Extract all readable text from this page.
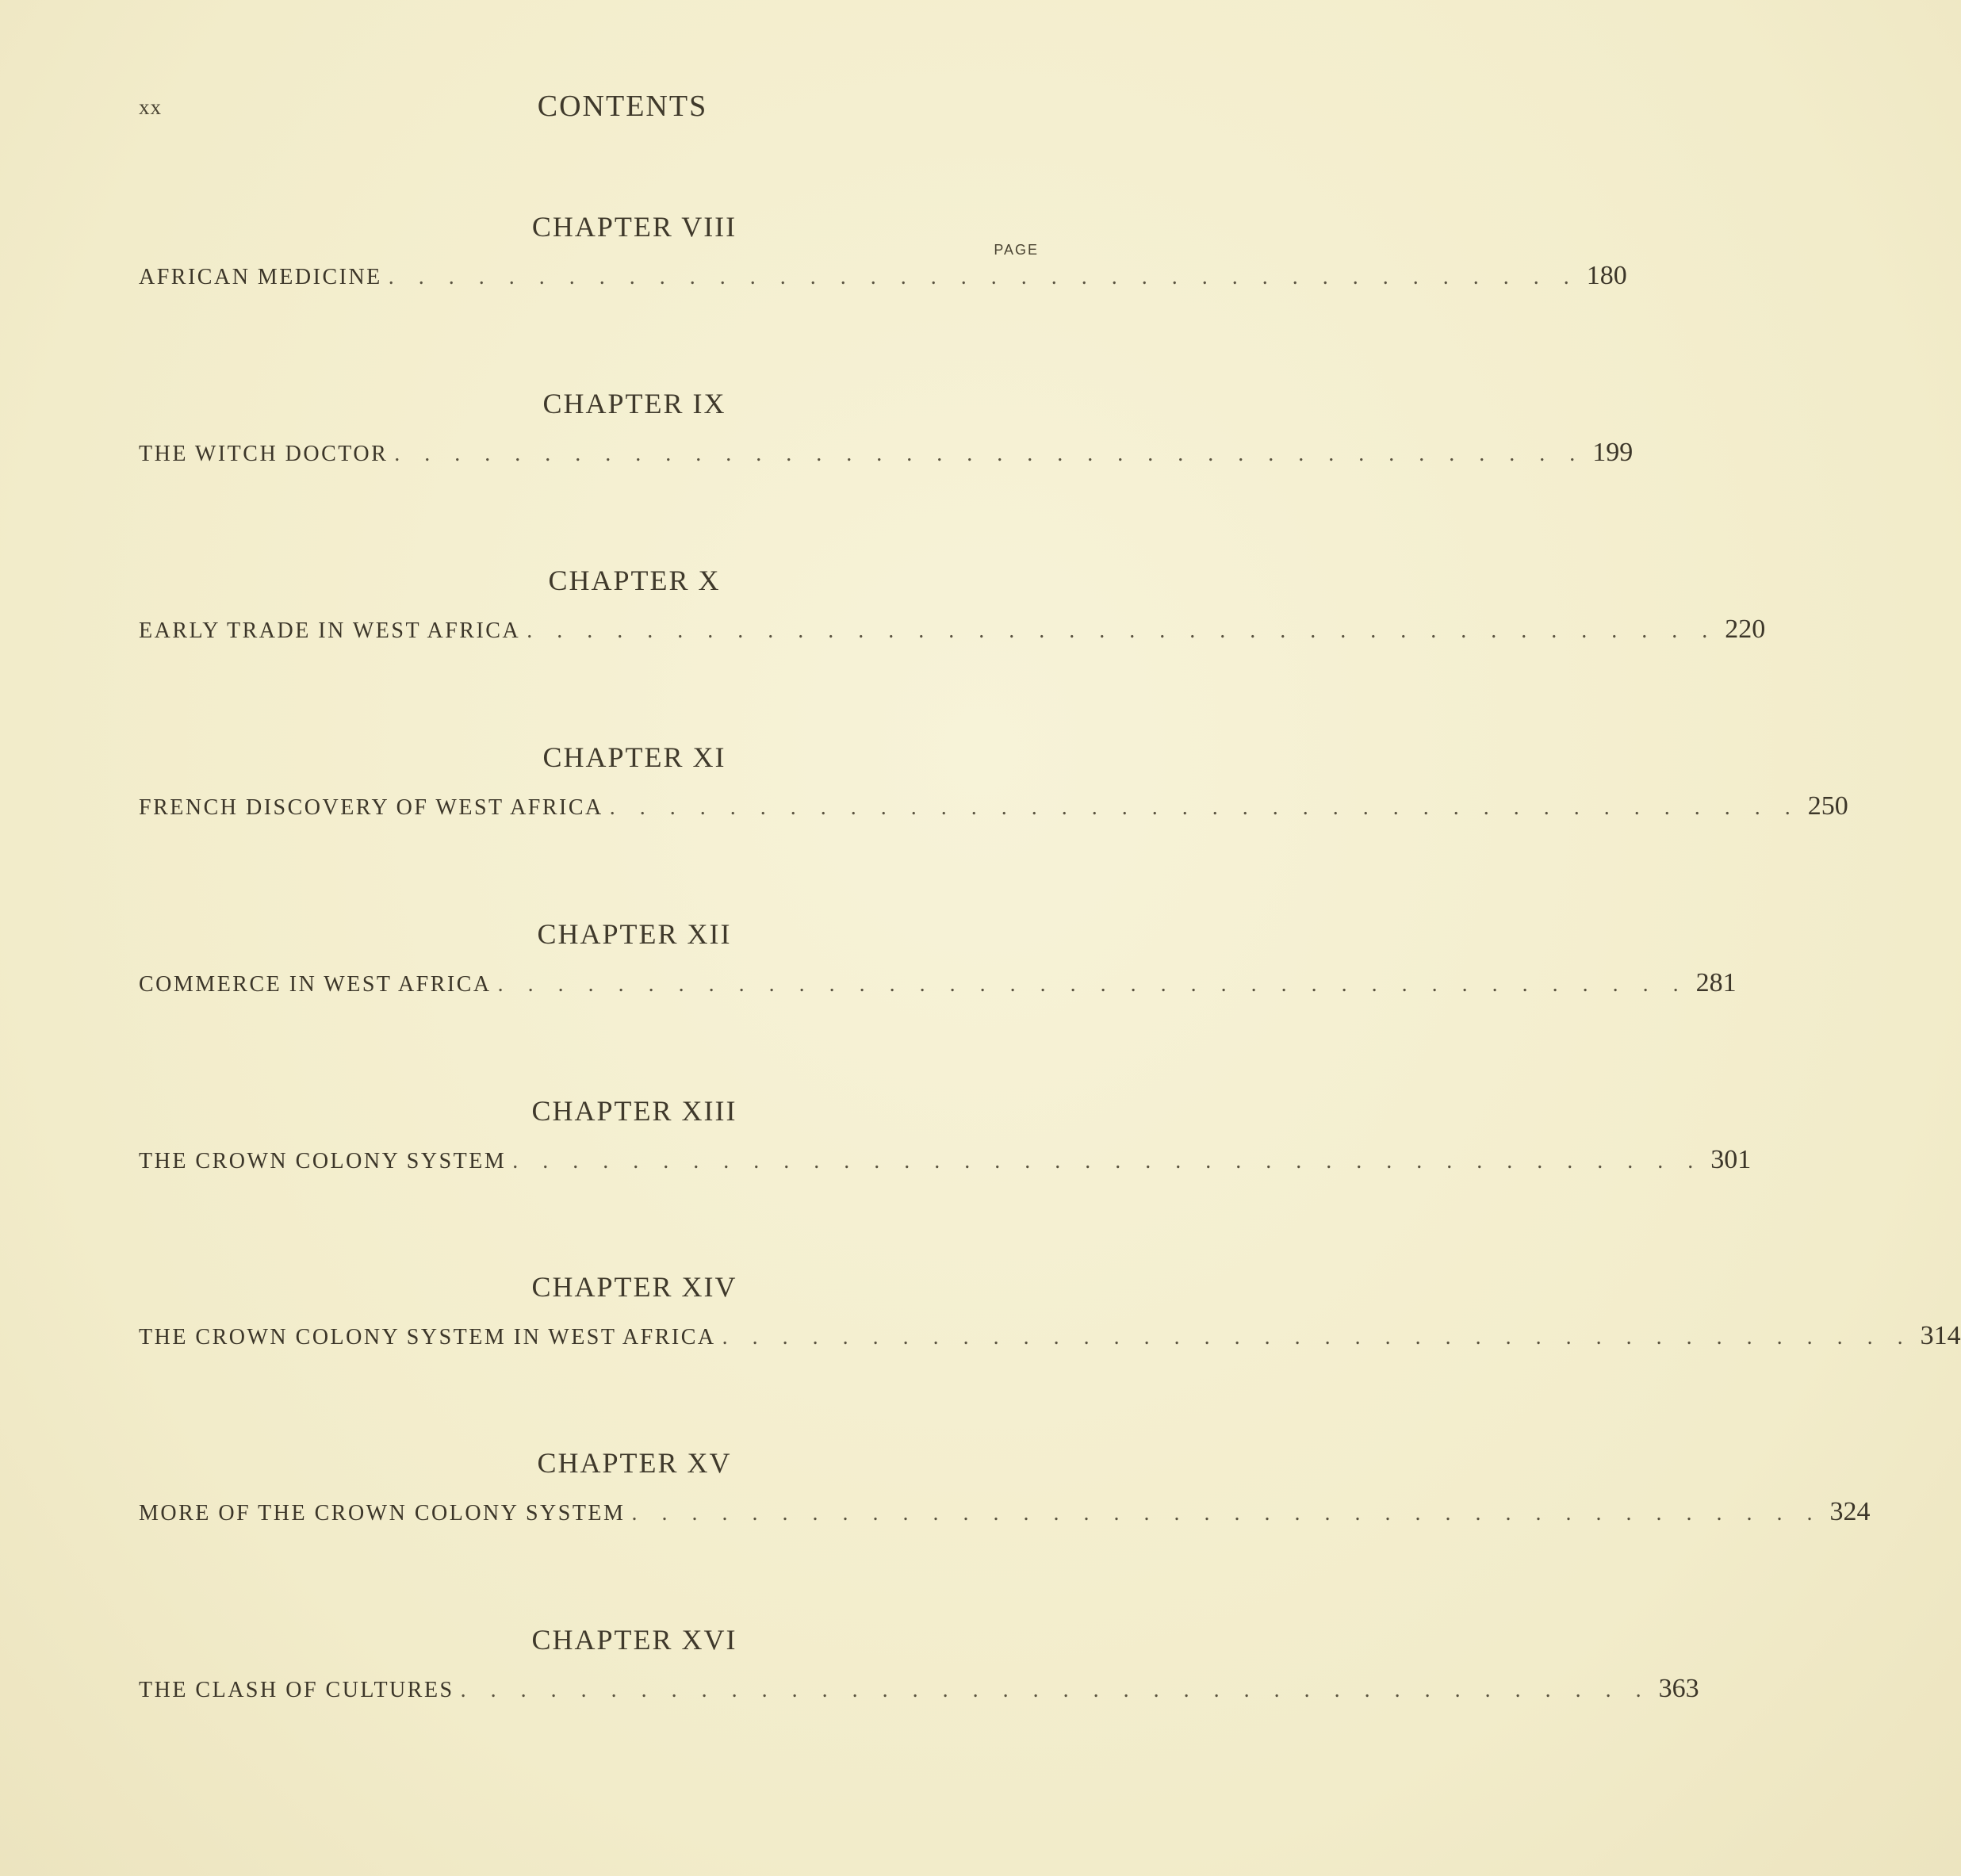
xx	CONTENTS
PAGE
CHAPTER VIII
AFRICAN MEDICINE . . . . . . . . . . . . . . . . . . . . . . . . . . . . . . . . . . . . . . . . 180
CHAPTER IX
THE WITCH DOCTOR . . . . . . . . . . . . . . . . . . . . . . . . . . . . . . . . . . . . . . . . 199
CHAPTER X
EARLY TRADE IN WEST AFRICA . . . . . . . . . . . . . . . . . . . . . . . . . . . . . . . . . . . . . . . . 220
CHAPTER XI
FRENCH DISCOVERY OF WEST AFRICA . . . . . . . . . . . . . . . . . . . . . . . . . . . . . . . . . . . . . . . . 250
CHAPTER XII
COMMERCE IN WEST AFRICA . . . . . . . . . . . . . . . . . . . . . . . . . . . . . . . . . . . . . . . . 281
CHAPTER XIII
THE CROWN COLONY SYSTEM . . . . . . . . . . . . . . . . . . . . . . . . . . . . . . . . . . . . . . . . 301
CHAPTER XIV
THE CROWN COLONY SYSTEM IN WEST AFRICA . . . . . . . . . . . . . . . . . . . . . . . . . . . . . . . . . . . . . . . . 314
CHAPTER XV
MORE OF THE CROWN COLONY SYSTEM . . . . . . . . . . . . . . . . . . . . . . . . . . . . . . . . . . . . . . . . 324
CHAPTER XVI
THE CLASH OF CULTURES . . . . . . . . . . . . . . . . . . . . . . . . . . . . . . . . . . . . . . . . 363
